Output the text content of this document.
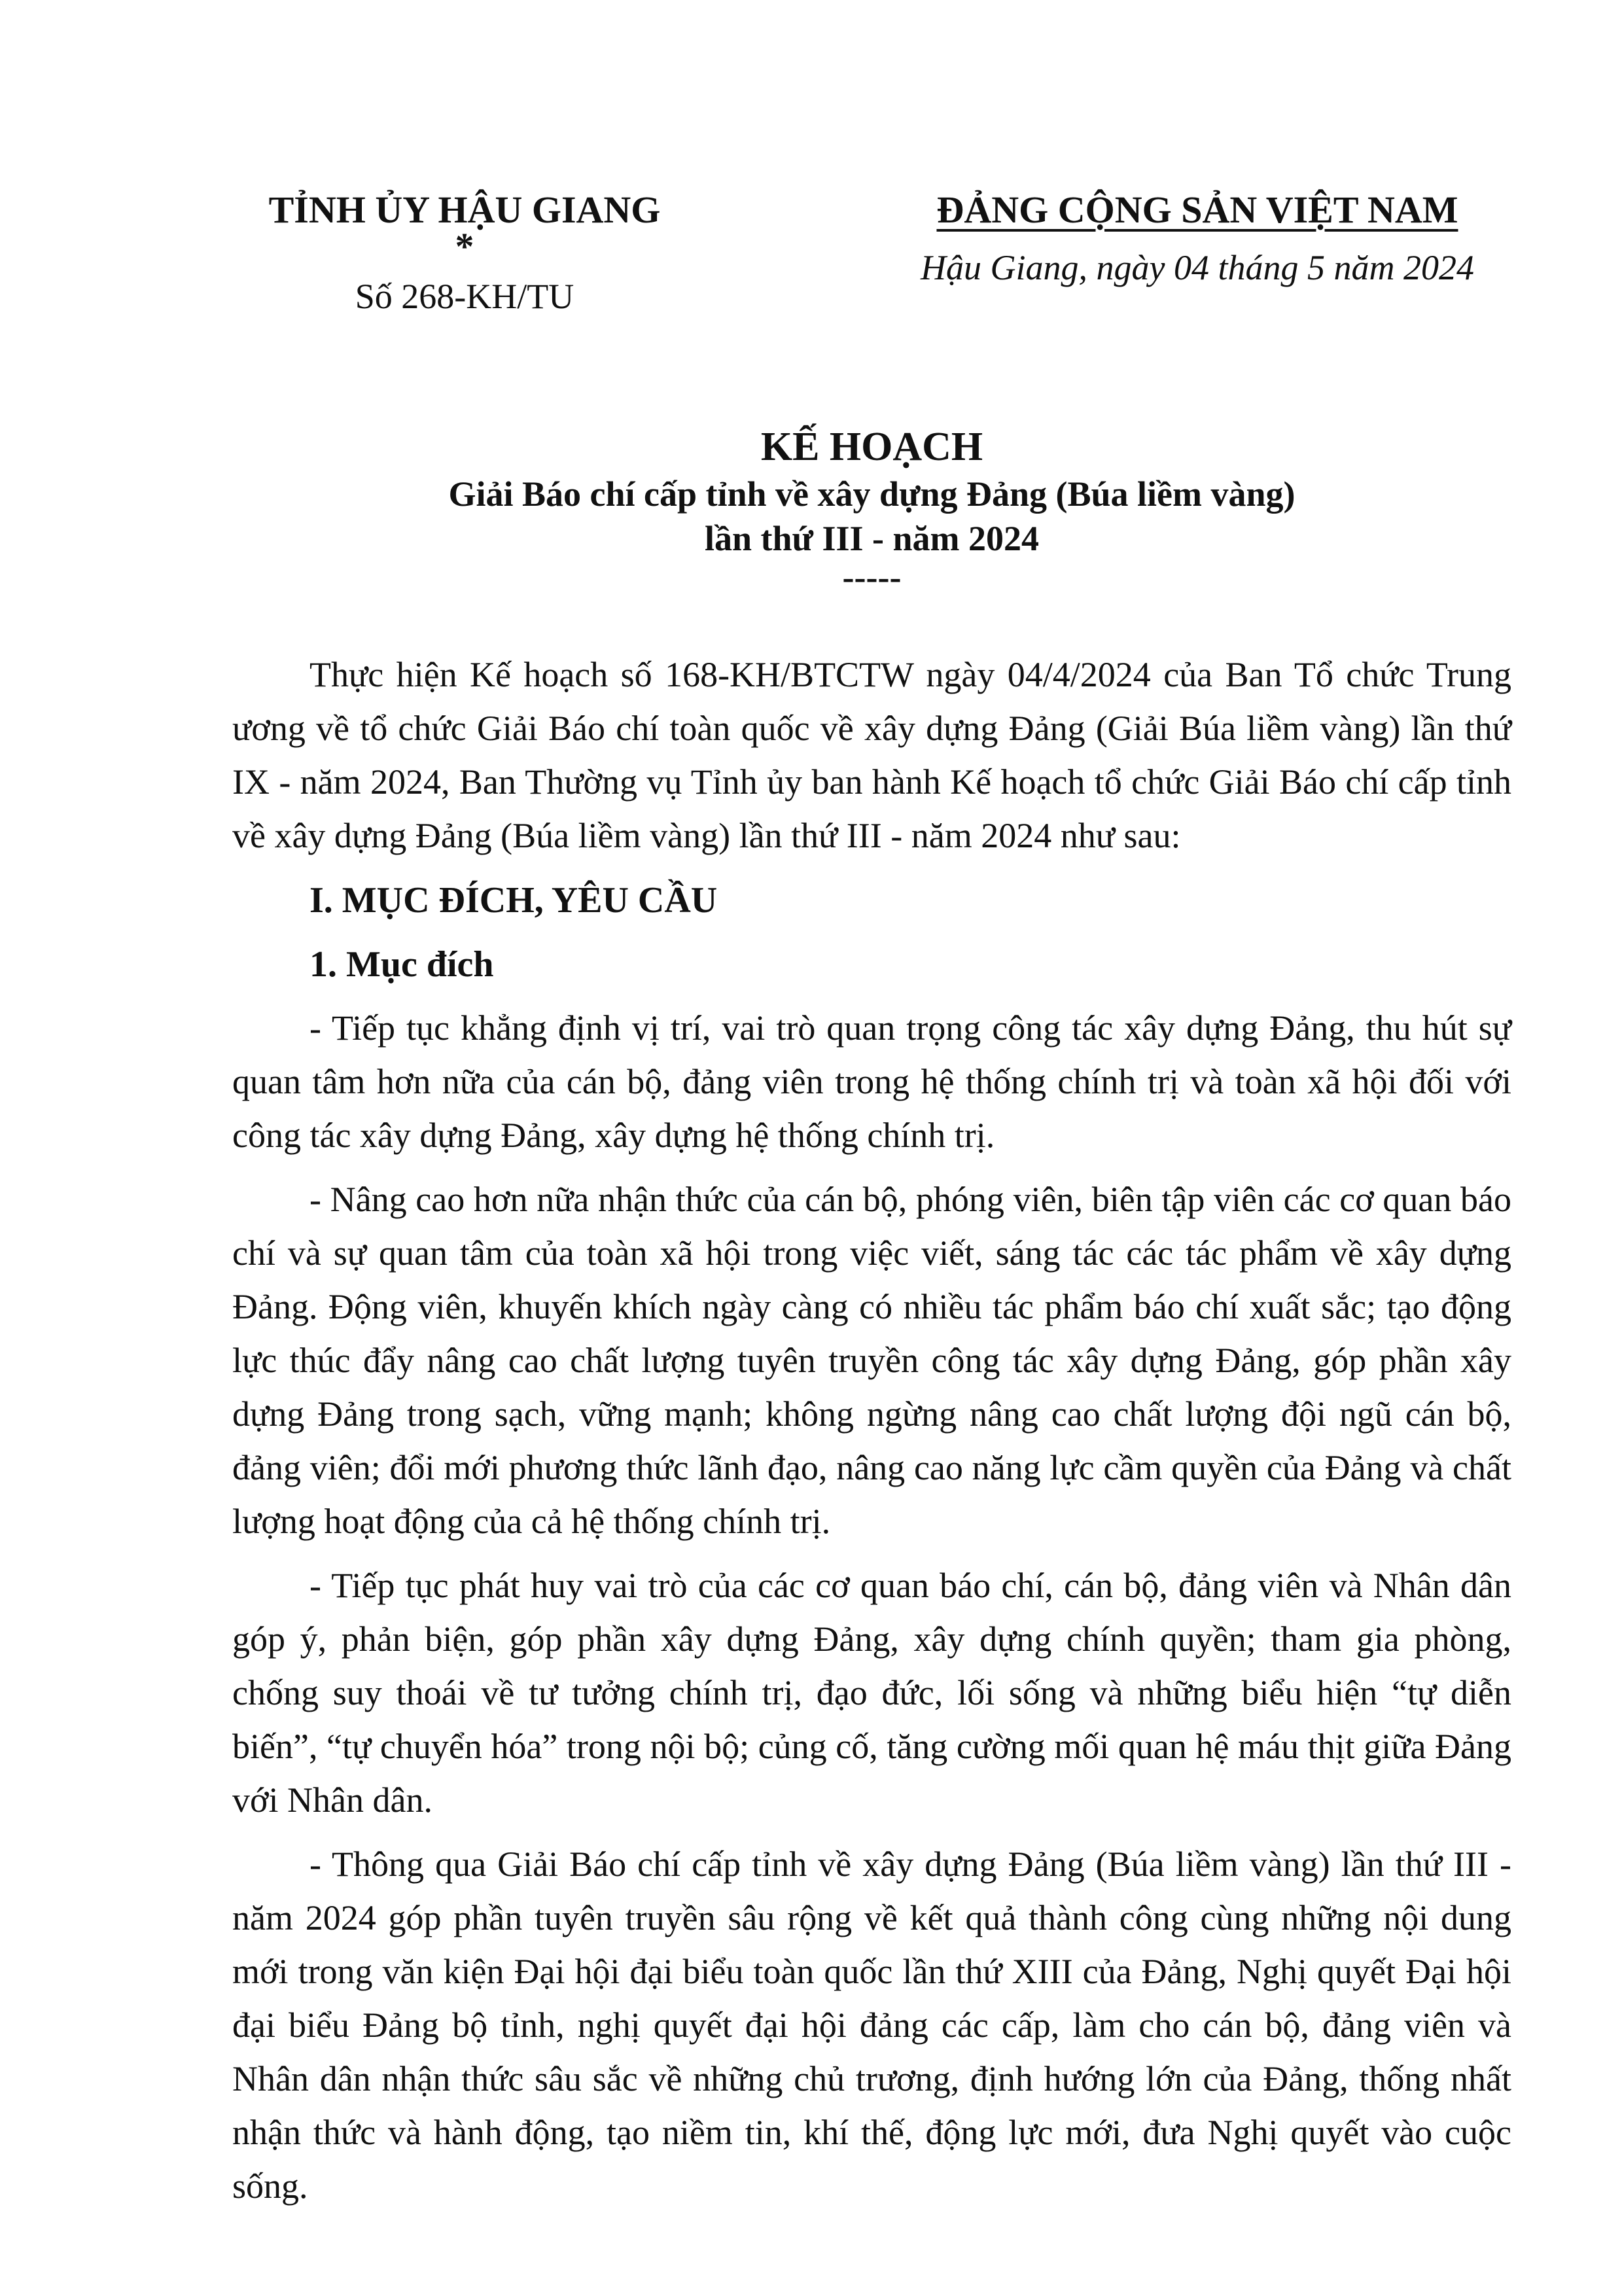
TỈNH ỦY HẬU GIANG
*
Số 268-KH/TU
ĐẢNG CỘNG SẢN VIỆT NAM
Hậu Giang, ngày 04 tháng 5 năm 2024
KẾ HOẠCH
Giải Báo chí cấp tỉnh về xây dựng Đảng (Búa liềm vàng)
lần thứ III - năm 2024
-----

Thực hiện Kế hoạch số 168-KH/BTCTW ngày 04/4/2024 của Ban Tổ chức Trung ương về tổ chức Giải Báo chí toàn quốc về xây dựng Đảng (Giải Búa liềm vàng) lần thứ IX - năm 2024, Ban Thường vụ Tỉnh ủy ban hành Kế hoạch tổ chức Giải Báo chí cấp tỉnh về xây dựng Đảng (Búa liềm vàng) lần thứ III - năm 2024 như sau:

I. MỤC ĐÍCH, YÊU CẦU
1. Mục đích

- Tiếp tục khẳng định vị trí, vai trò quan trọng công tác xây dựng Đảng, thu hút sự quan tâm hơn nữa của cán bộ, đảng viên trong hệ thống chính trị và toàn xã hội đối với công tác xây dựng Đảng, xây dựng hệ thống chính trị.

- Nâng cao hơn nữa nhận thức của cán bộ, phóng viên, biên tập viên các cơ quan báo chí và sự quan tâm của toàn xã hội trong việc viết, sáng tác các tác phẩm về xây dựng Đảng. Động viên, khuyến khích ngày càng có nhiều tác phẩm báo chí xuất sắc; tạo động lực thúc đẩy nâng cao chất lượng tuyên truyền công tác xây dựng Đảng, góp phần xây dựng Đảng trong sạch, vững mạnh; không ngừng nâng cao chất lượng đội ngũ cán bộ, đảng viên; đổi mới phương thức lãnh đạo, nâng cao năng lực cầm quyền của Đảng và chất lượng hoạt động của cả hệ thống chính trị.

- Tiếp tục phát huy vai trò của các cơ quan báo chí, cán bộ, đảng viên và Nhân dân góp ý, phản biện, góp phần xây dựng Đảng, xây dựng chính quyền; tham gia phòng, chống suy thoái về tư tưởng chính trị, đạo đức, lối sống và những biểu hiện “tự diễn biến”, “tự chuyển hóa” trong nội bộ; củng cố, tăng cường mối quan hệ máu thịt giữa Đảng với Nhân dân.

- Thông qua Giải Báo chí cấp tỉnh về xây dựng Đảng (Búa liềm vàng) lần thứ III - năm 2024 góp phần tuyên truyền sâu rộng về kết quả thành công cùng những nội dung mới trong văn kiện Đại hội đại biểu toàn quốc lần thứ XIII của Đảng, Nghị quyết Đại hội đại biểu Đảng bộ tỉnh, nghị quyết đại hội đảng các cấp, làm cho cán bộ, đảng viên và Nhân dân nhận thức sâu sắc về những chủ trương, định hướng lớn của Đảng, thống nhất nhận thức và hành động, tạo niềm tin, khí thế, động lực mới, đưa Nghị quyết vào cuộc sống.
